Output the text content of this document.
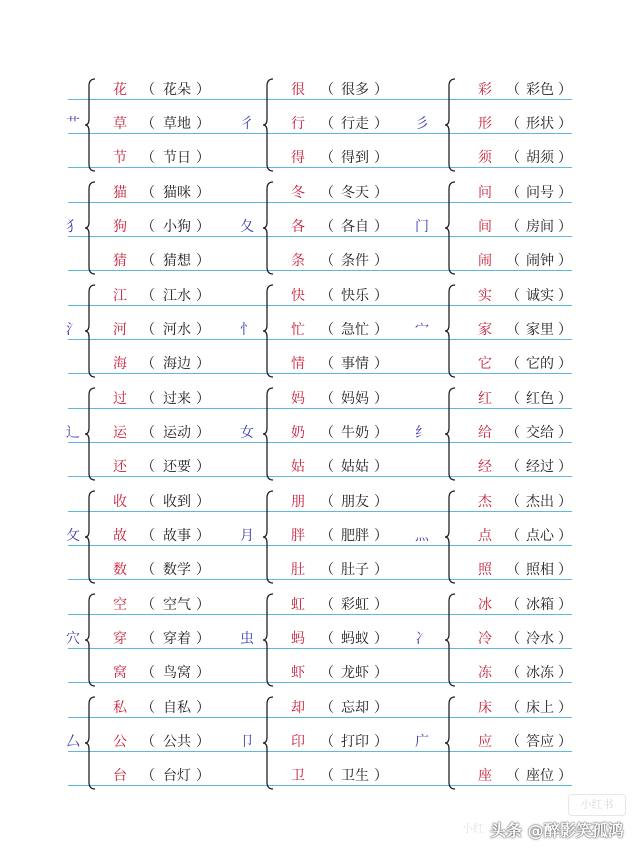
艹
花 （ 花朵 ）
草 （ 草地 ）
节 （ 节日 ）
彳
很 （ 很多 ）
行 （ 行走 ）
得 （ 得到 ）
彡
彩 （ 彩色 ）
形 （ 形状 ）
须 （ 胡须 ）
犭
猫 （ 猫咪 ）
狗 （ 小狗 ）
猜 （ 猜想 ）
夂
冬 （ 冬天 ）
各 （ 各自 ）
条 （ 条件 ）
门
问 （ 问号 ）
间 （ 房间 ）
闹 （ 闹钟 ）
氵
江 （ 江水 ）
河 （ 河水 ）
海 （ 海边 ）
忄
快 （ 快乐 ）
忙 （ 急忙 ）
情 （ 事情 ）
宀
实 （ 诚实 ）
家 （ 家里 ）
它 （ 它的 ）
辶
过 （ 过来 ）
运 （ 运动 ）
还 （ 还要 ）
女
妈 （ 妈妈 ）
奶 （ 牛奶 ）
姑 （ 姑姑 ）
纟
红 （ 红色 ）
给 （ 交给 ）
经 （ 经过 ）
攵
收 （ 收到 ）
故 （ 故事 ）
数 （ 数学 ）
月
朋 （ 朋友 ）
胖 （ 肥胖 ）
肚 （ 肚子 ）
灬
杰 （ 杰出 ）
点 （ 点心 ）
照 （ 照相 ）
穴
空 （ 空气 ）
穿 （ 穿着 ）
窝 （ 鸟窝 ）
虫
虹 （ 彩虹 ）
蚂 （ 蚂蚁 ）
虾 （ 龙虾 ）
冫
冰 （ 冰箱 ）
冷 （ 冷水 ）
冻 （ 冰冻 ）
厶
私 （ 自私 ）
公 （ 公共 ）
台 （ 台灯 ）
卩
却 （ 忘却 ）
印 （ 打印 ）
卫 （ 卫生 ）
广
床 （ 床上 ）
应 （ 答应 ）
座 （ 座位 ）
小红
小红书
头条 @醉影笑孤鸿
